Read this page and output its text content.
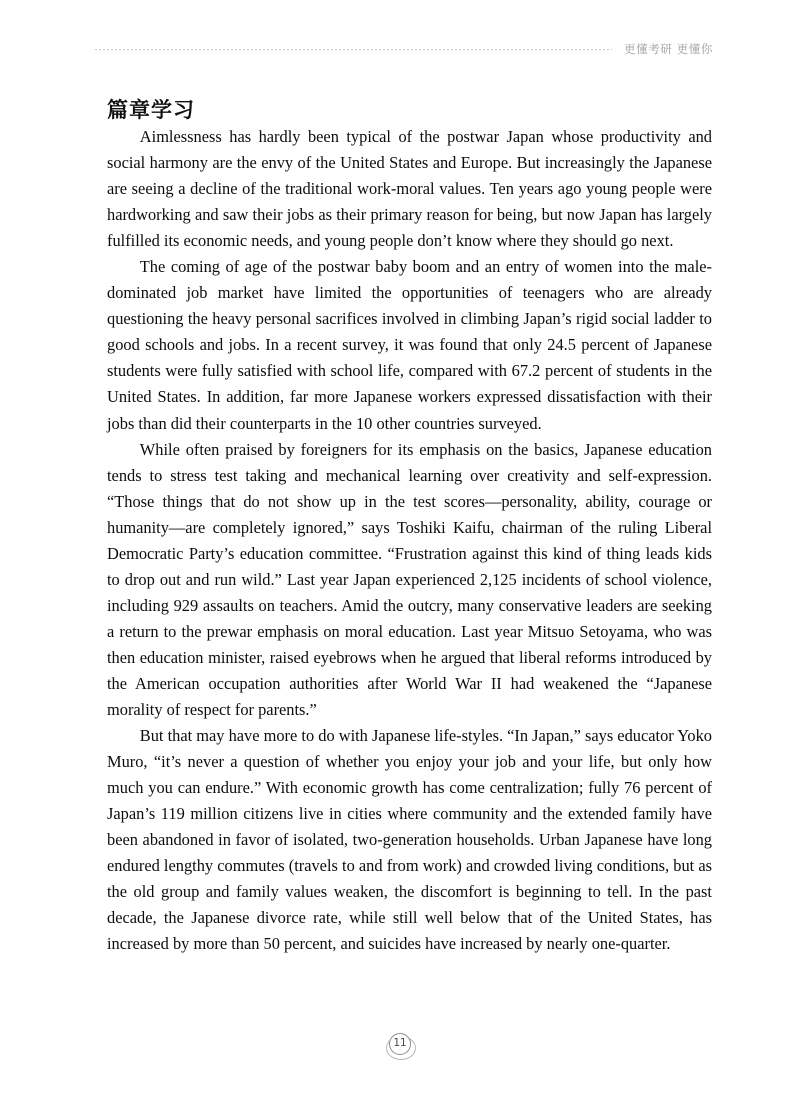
更懂考研 更懂你
篇章学习

Aimlessness has hardly been typical of the postwar Japan whose productivity and social harmony are the envy of the United States and Europe. But increasingly the Japanese are seeing a decline of the traditional work-moral values. Ten years ago young people were hardworking and saw their jobs as their primary reason for being, but now Japan has largely fulfilled its economic needs, and young people don’t know where they should go next.

The coming of age of the postwar baby boom and an entry of women into the male-dominated job market have limited the opportunities of teenagers who are already questioning the heavy personal sacrifices involved in climbing Japan’s rigid social ladder to good schools and jobs. In a recent survey, it was found that only 24.5 percent of Japanese students were fully satisfied with school life, compared with 67.2 percent of students in the United States. In addition, far more Japanese workers expressed dissatisfaction with their jobs than did their counterparts in the 10 other countries surveyed.

While often praised by foreigners for its emphasis on the basics, Japanese education tends to stress test taking and mechanical learning over creativity and self-expression. “Those things that do not show up in the test scores—personality, ability, courage or humanity—are completely ignored,” says Toshiki Kaifu, chairman of the ruling Liberal Democratic Party’s education committee. “Frustration against this kind of thing leads kids to drop out and run wild.” Last year Japan experienced 2,125 incidents of school violence, including 929 assaults on teachers. Amid the outcry, many conservative leaders are seeking a return to the prewar emphasis on moral education. Last year Mitsuo Setoyama, who was then education minister, raised eyebrows when he argued that liberal reforms introduced by the American occupation authorities after World War II had weakened the “Japanese morality of respect for parents.”

But that may have more to do with Japanese life-styles. “In Japan,” says educator Yoko Muro, “it’s never a question of whether you enjoy your job and your life, but only how much you can endure.” With economic growth has come centralization; fully 76 percent of Japan’s 119 million citizens live in cities where community and the extended family have been abandoned in favor of isolated, two-generation households. Urban Japanese have long endured lengthy commutes (travels to and from work) and crowded living conditions, but as the old group and family values weaken, the discomfort is beginning to tell. In the past decade, the Japanese divorce rate, while still well below that of the United States, has increased by more than 50 percent, and suicides have increased by nearly one-quarter.

11
